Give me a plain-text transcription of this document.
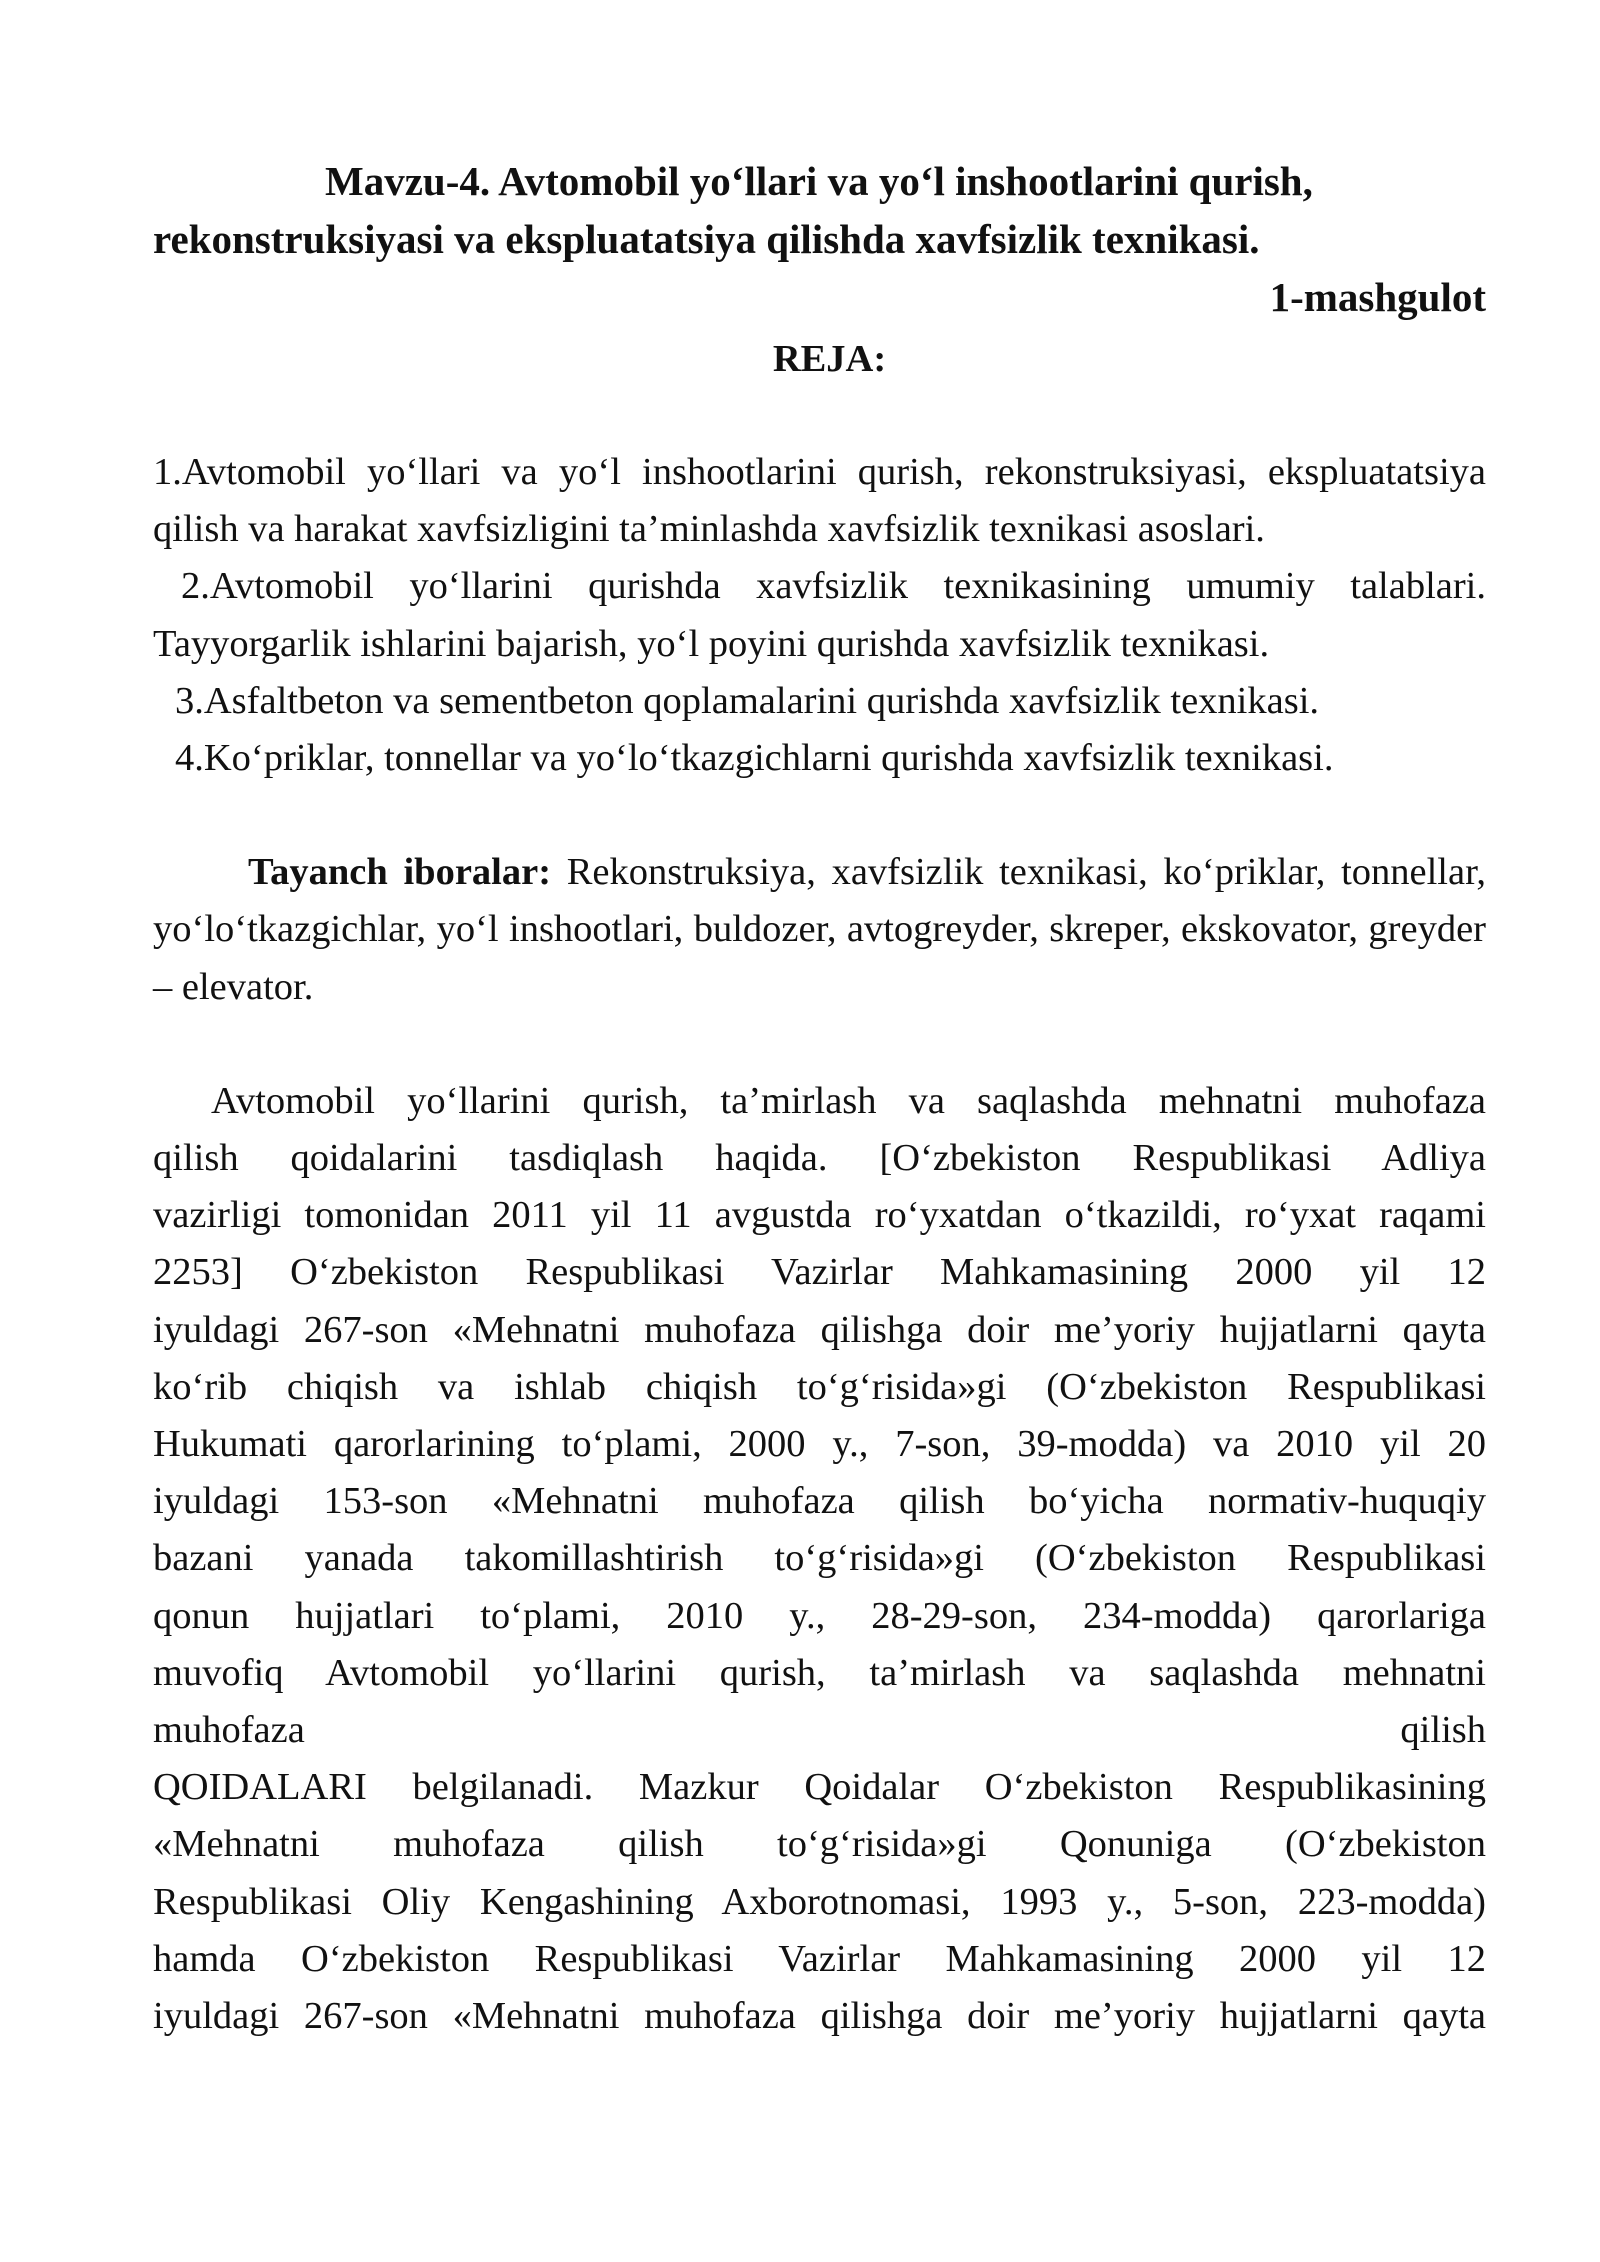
Mavzu-4. Avtomobil yo‘llari va yo‘l inshootlarini qurish,
rekonstruksiyasi va ekspluatatsiya qilishda xavfsizlik texnikasi.
1-mashgulot
REJA:

1.Avtomobil yo‘llari va yo‘l inshootlarini qurish, rekonstruksiyasi, ekspluatatsiya qilish va harakat xavfsizligini ta’minlashda xavfsizlik texnikasi asoslari.

2.Avtomobil yo‘llarini qurishda xavfsizlik texnikasining umumiy talablari. Tayyorgarlik ishlarini bajarish, yo‘l poyini qurishda xavfsizlik texnikasi.

3.Asfaltbeton va sementbeton qoplamalarini qurishda xavfsizlik texnikasi.

4.Ko‘priklar, tonnellar va yo‘lo‘tkazgichlarni qurishda xavfsizlik texnikasi.

Tayanch iboralar: Rekonstruksiya, xavfsizlik texnikasi, ko‘priklar, tonnellar, yo‘lo‘tkazgichlar, yo‘l inshootlari, buldozer, avtogreyder, skreper, ekskovator, greyder – elevator.

Avtomobil yo‘llarini qurish, ta’mirlash va saqlashda mehnatni muhofaza
qilish qoidalarini tasdiqlash haqida. [O‘zbekiston Respublikasi Adliya
vazirligi tomonidan 2011 yil 11 avgustda ro‘yxatdan o‘tkazildi, ro‘yxat raqami
2253] O‘zbekiston Respublikasi Vazirlar Mahkamasining 2000 yil 12
iyuldagi 267-son «Mehnatni muhofaza qilishga doir me’yoriy hujjatlarni qayta
ko‘rib chiqish va ishlab chiqish to‘g‘risida»gi (O‘zbekiston Respublikasi
Hukumati qarorlarining to‘plami, 2000 y., 7-son, 39-modda) va 2010 yil 20
iyuldagi 153-son «Mehnatni muhofaza qilish bo‘yicha normativ-huquqiy
bazani yanada takomillashtirish to‘g‘risida»gi (O‘zbekiston Respublikasi
qonun hujjatlari to‘plami, 2010 y., 28-29-son, 234-modda) qarorlariga
muvofiq Avtomobil yo‘llarini qurish, ta’mirlash va saqlashda mehnatni
muhofaza qilish
QOIDALARI belgilanadi. Mazkur Qoidalar O‘zbekiston Respublikasining
«Mehnatni muhofaza qilish to‘g‘risida»gi Qonuniga (O‘zbekiston
Respublikasi Oliy Kengashining Axborotnomasi, 1993 y., 5-son, 223-modda)
hamda O‘zbekiston Respublikasi Vazirlar Mahkamasining 2000 yil 12
iyuldagi 267-son «Mehnatni muhofaza qilishga doir me’yoriy hujjatlarni qayta
